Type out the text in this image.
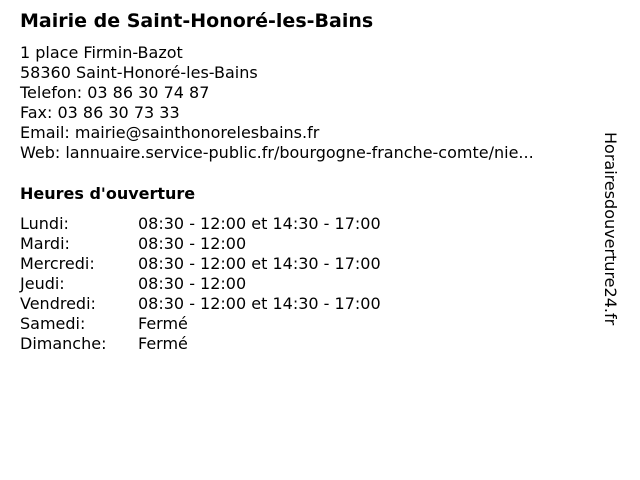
Mairie de Saint-Honoré-les-Bains
1 place Firmin-Bazot
58360 Saint-Honoré-les-Bains
Telefon: 03 86 30 74 87
Fax: 03 86 30 73 33
Email: mairie@sainthonorelesbains.fr
Web: lannuaire.service-public.fr/bourgogne-franche-comte/nie...
Heures d'ouverture
Lundi:	08:30 - 12:00 et 14:30 - 17:00
Mardi:	08:30 - 12:00
Mercredi:	08:30 - 12:00 et 14:30 - 17:00
Jeudi:	08:30 - 12:00
Vendredi:	08:30 - 12:00 et 14:30 - 17:00
Samedi:	Fermé
Dimanche:	Fermé
Horairesdouverture24.fr
